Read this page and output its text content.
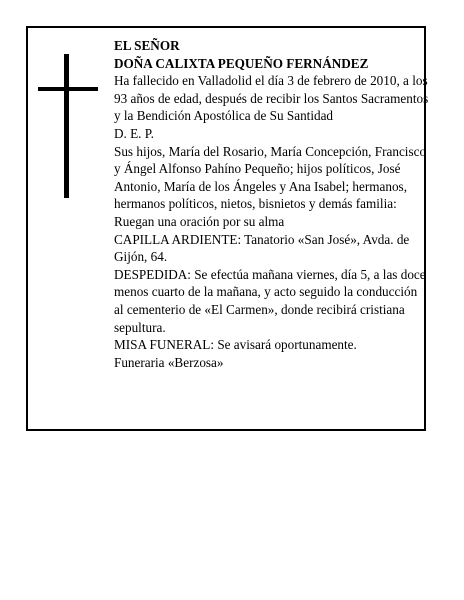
EL SEÑOR

DOÑA CALIXTA PEQUEÑO FERNÁNDEZ

Ha fallecido en Valladolid el día 3 de febrero de 2010, a los 93 años de edad, después de recibir los Santos Sacramentos y la Bendición Apostólica de Su Santidad

D. E. P.

Sus hijos, María del Rosario, María Concepción, Francisco y Ángel Alfonso Pahíno Pequeño; hijos políticos, José Antonio, María de los Ángeles y Ana Isabel; hermanos, hermanos políticos, nietos, bisnietos y demás familia:

Ruegan una oración por su alma

CAPILLA ARDIENTE: Tanatorio «San José», Avda. de Gijón, 64.

DESPEDIDA: Se efectúa mañana viernes, día 5, a las doce menos cuarto de la mañana, y acto seguido la conducción al cementerio de «El Carmen», donde recibirá cristiana sepultura.

MISA FUNERAL: Se avisará oportunamente.

Funeraria «Berzosa»
